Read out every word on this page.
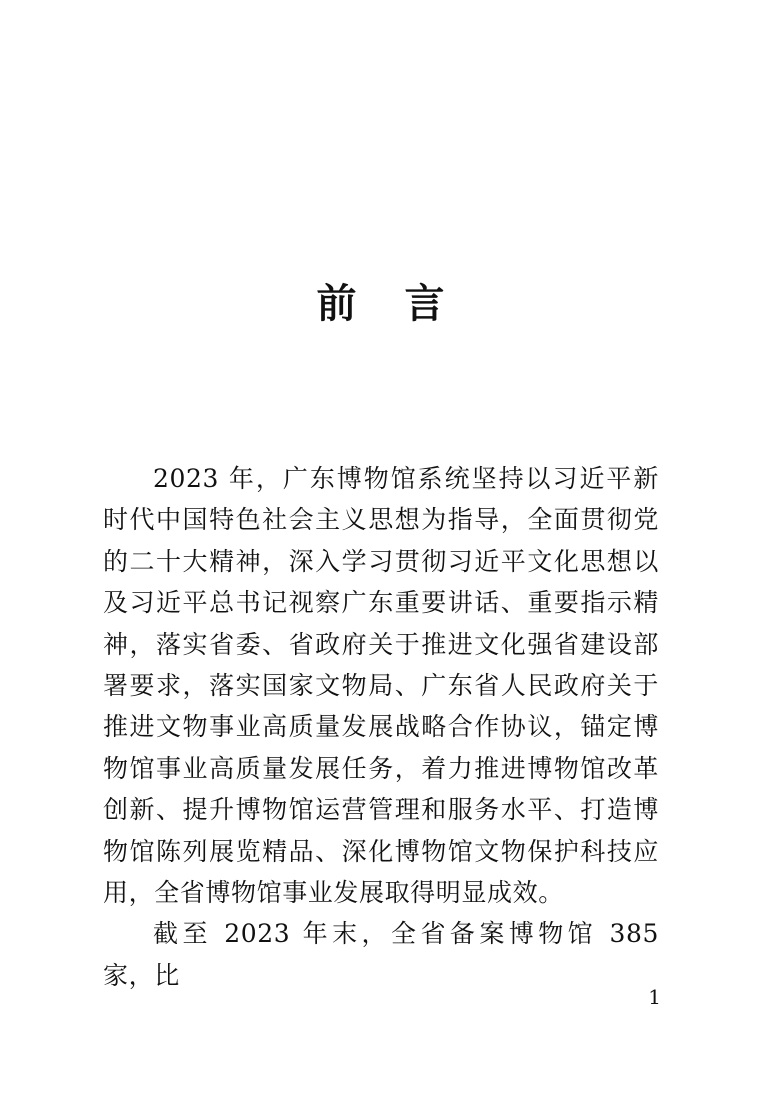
前言

2023 年，广东博物馆系统坚持以习近平新时代中国特色社会主义思想为指导，全面贯彻党的二十大精神，深入学习贯彻习近平文化思想以及习近平总书记视察广东重要讲话、重要指示精神，落实省委、省政府关于推进文化强省建设部署要求，落实国家文物局、广东省人民政府关于推进文物事业高质量发展战略合作协议，锚定博物馆事业高质量发展任务，着力推进博物馆改革创新、提升博物馆运营管理和服务水平、打造博物馆陈列展览精品、深化博物馆文物保护科技应用，全省博物馆事业发展取得明显成效。

截至 2023 年末，全省备案博物馆 385 家，比

1
